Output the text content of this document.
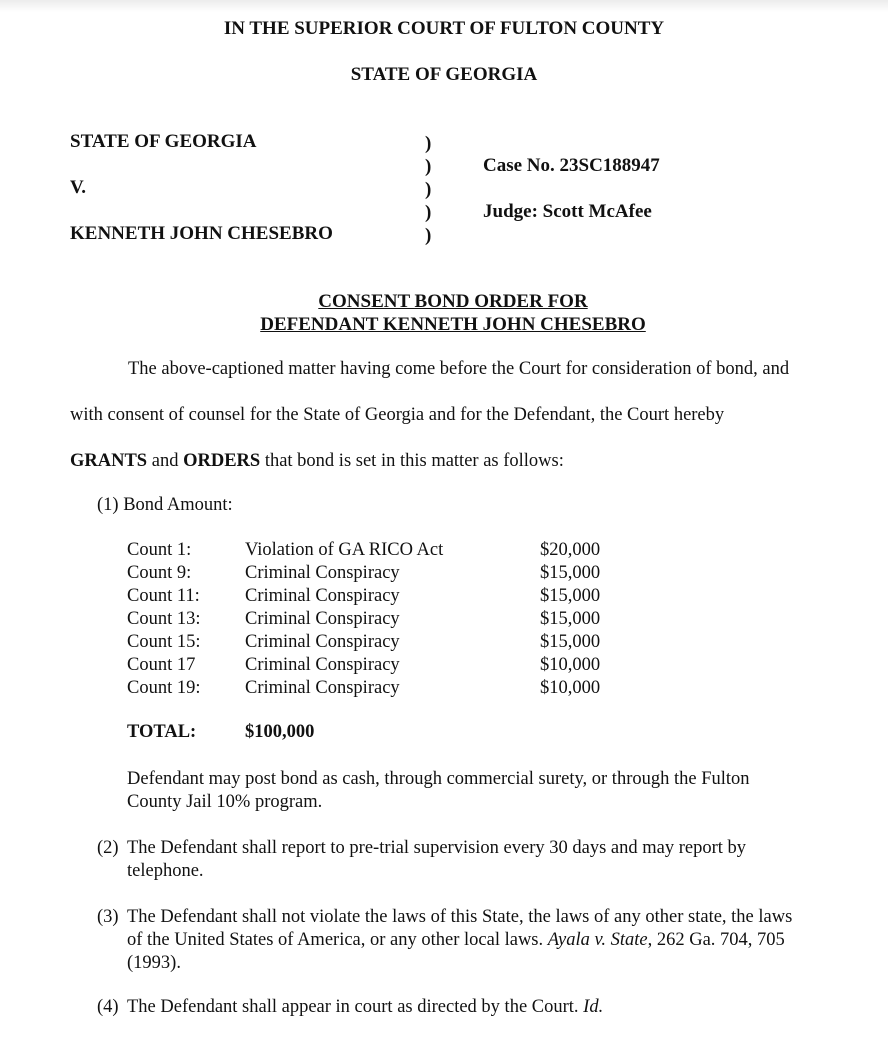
IN THE SUPERIOR COURT OF FULTON COUNTY
STATE OF GEORGIA
STATE OF GEORGIA
V.
KENNETH JOHN CHESEBRO
)
)
)
)
)
Case No. 23SC188947
Judge: Scott McAfee
CONSENT BOND ORDER FOR
DEFENDANT KENNETH JOHN CHESEBRO
The above-captioned matter having come before the Court for consideration of bond, and
with consent of counsel for the State of Georgia and for the Defendant, the Court hereby
GRANTS and ORDERS that bond is set in this matter as follows:
(1) Bond Amount:
Count 1:	Violation of GA RICO Act	$20,000
Count 9:	Criminal Conspiracy	$15,000
Count 11: Criminal Conspiracy	$15,000
Count 13: Criminal Conspiracy	$15,000
Count 15: Criminal Conspiracy	$15,000
Count 17	Criminal Conspiracy	$10,000
Count 19: Criminal Conspiracy	$10,000
TOTAL:	$100,000
Defendant may post bond as cash, through commercial surety, or through the Fulton
County Jail 10% program.
(2) The Defendant shall report to pre-trial supervision every 30 days and may report by
telephone.
(3) The Defendant shall not violate the laws of this State, the laws of any other state, the laws
of the United States of America, or any other local laws. Ayala v. State, 262 Ga. 704, 705
(1993).
(4) The Defendant shall appear in court as directed by the Court. Id.
